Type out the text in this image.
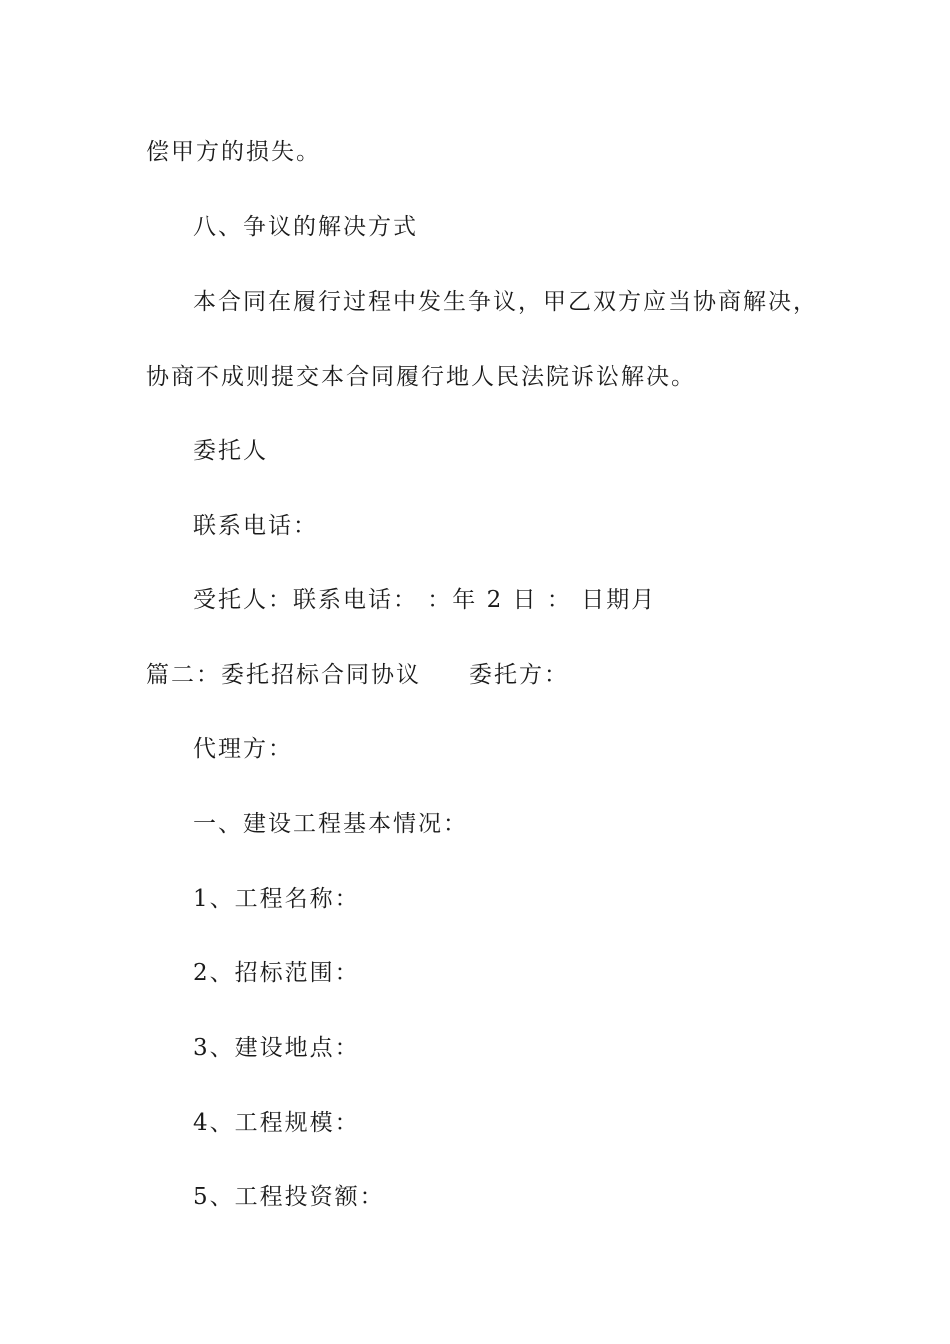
偿甲方的损失。
八、争议的解决方式
本合同在履行过程中发生争议，甲乙双方应当协商解决，
协商不成则提交本合同履行地人民法院诉讼解决。
委托人
联系电话：
受托人：联系电话： ：年 2 日 ： 日期月
篇二：委托招标合同协议 委托方：
代理方：
一、建设工程基本情况：
1、工程名称：
2、招标范围：
3、建设地点：
4、工程规模：
5、工程投资额：
